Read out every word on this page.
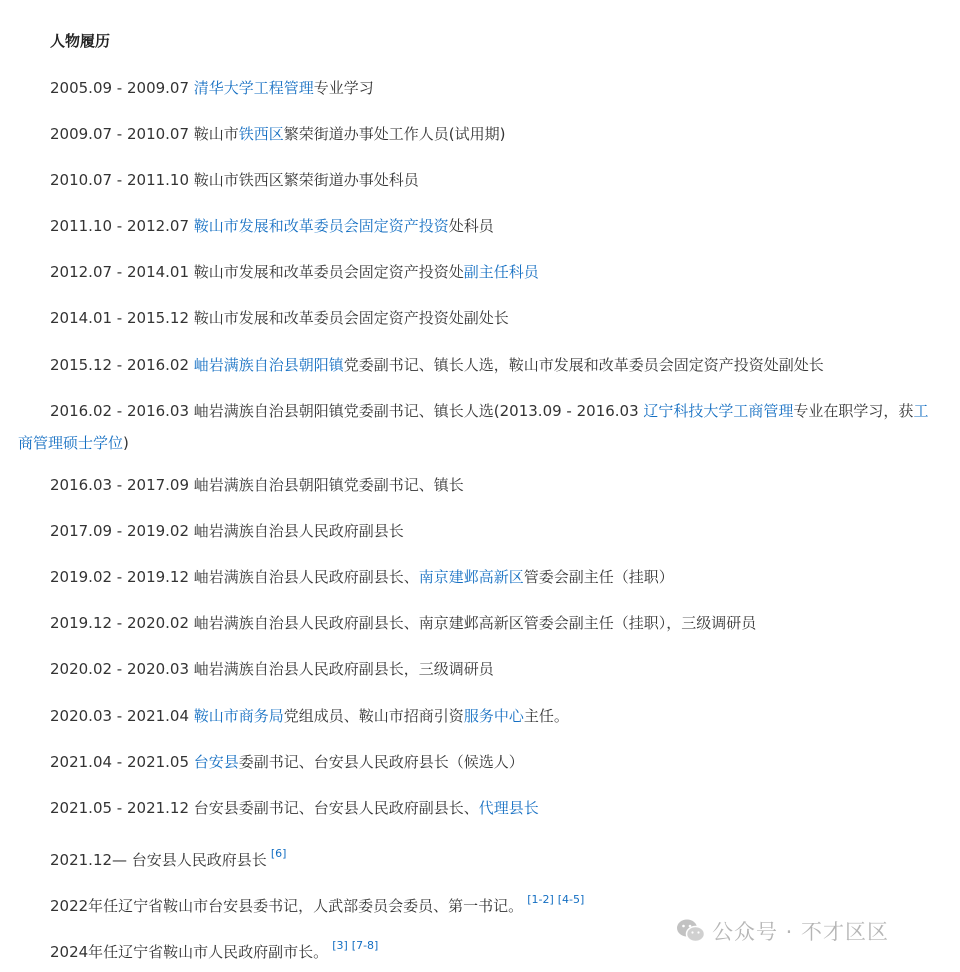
人物履历

2005.09 - 2009.07 清华大学工程管理专业学习

2009.07 - 2010.07 鞍山市铁西区繁荣街道办事处工作人员(试用期)

2010.07 - 2011.10 鞍山市铁西区繁荣街道办事处科员

2011.10 - 2012.07 鞍山市发展和改革委员会固定资产投资处科员

2012.07 - 2014.01 鞍山市发展和改革委员会固定资产投资处副主任科员

2014.01 - 2015.12 鞍山市发展和改革委员会固定资产投资处副处长

2015.12 - 2016.02 岫岩满族自治县朝阳镇党委副书记、镇长人选，鞍山市发展和改革委员会固定资产投资处副处长

2016.02 - 2016.03 岫岩满族自治县朝阳镇党委副书记、镇长人选(2013.09 - 2016.03 辽宁科技大学工商管理专业在职学习，获工商管理硕士学位)

2016.03 - 2017.09 岫岩满族自治县朝阳镇党委副书记、镇长

2017.09 - 2019.02 岫岩满族自治县人民政府副县长

2019.02 - 2019.12 岫岩满族自治县人民政府副县长、南京建邺高新区管委会副主任（挂职）

2019.12 - 2020.02 岫岩满族自治县人民政府副县长、南京建邺高新区管委会副主任（挂职），三级调研员

2020.02 - 2020.03 岫岩满族自治县人民政府副县长，三级调研员

2020.03 - 2021.04 鞍山市商务局党组成员、鞍山市招商引资服务中心主任。

2021.04 - 2021.05 台安县委副书记、台安县人民政府县长（候选人）

2021.05 - 2021.12 台安县委副书记、台安县人民政府副县长、代理县长

2021.12— 台安县人民政府县长 [6]

2022年任辽宁省鞍山市台安县委书记，人武部委员会委员、第一书记。 [1-2] [4-5]

2024年任辽宁省鞍山市人民政府副市长。 [3] [7-8]

公众号 · 不才区区
